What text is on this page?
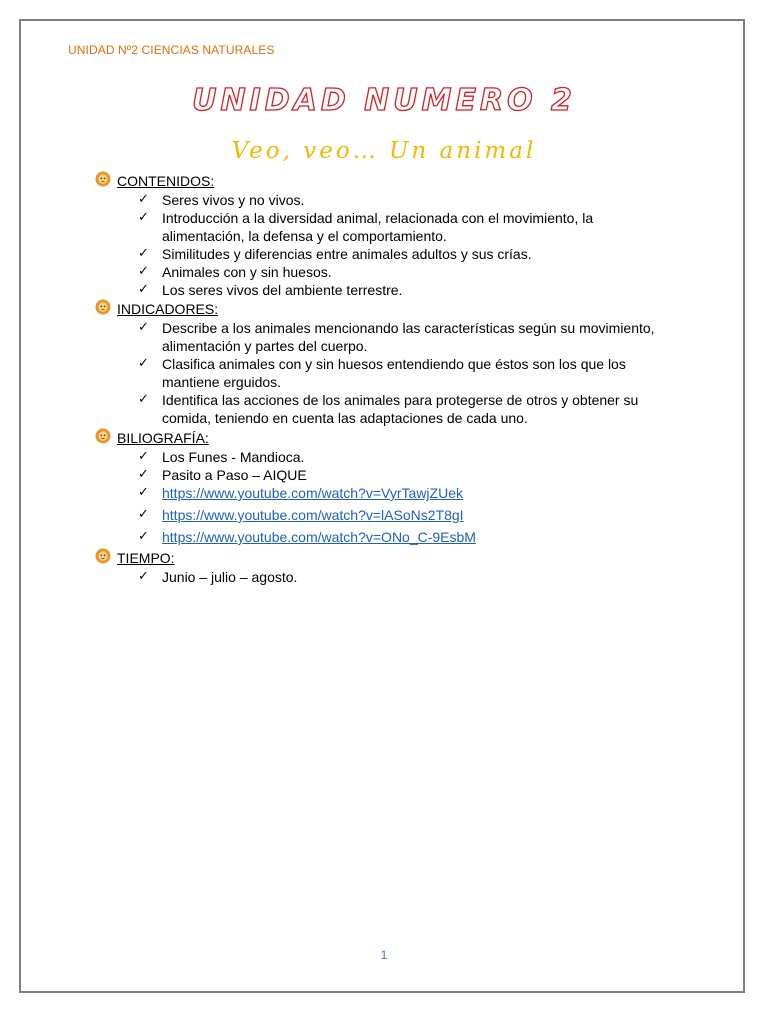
UNIDAD Nº2 CIENCIAS NATURALES
UNIDAD NUMERO 2
Veo, veo… Un animal
CONTENIDOS:
✓ Seres vivos y no vivos.
✓ Introducción a la diversidad animal, relacionada con el movimiento, la alimentación, la defensa y el comportamiento.
✓ Similitudes y diferencias entre animales adultos y sus crías.
✓ Animales con y sin huesos.
✓ Los seres vivos del ambiente terrestre.
INDICADORES:
✓ Describe a los animales mencionando las características según su movimiento, alimentación y partes del cuerpo.
✓ Clasifica animales con y sin huesos entendiendo que éstos son los que los mantiene erguidos.
✓ Identifica las acciones de los animales para protegerse de otros y obtener su comida, teniendo en cuenta las adaptaciones de cada uno.
BILIOGRAFÍA:
✓ Los Funes - Mandioca.
✓ Pasito a Paso – AIQUE
✓ https://www.youtube.com/watch?v=VyrTawjZUek
✓ https://www.youtube.com/watch?v=lASoNs2T8gI
✓ https://www.youtube.com/watch?v=ONo_C-9EsbM
TIEMPO:
✓ Junio – julio – agosto.
1
